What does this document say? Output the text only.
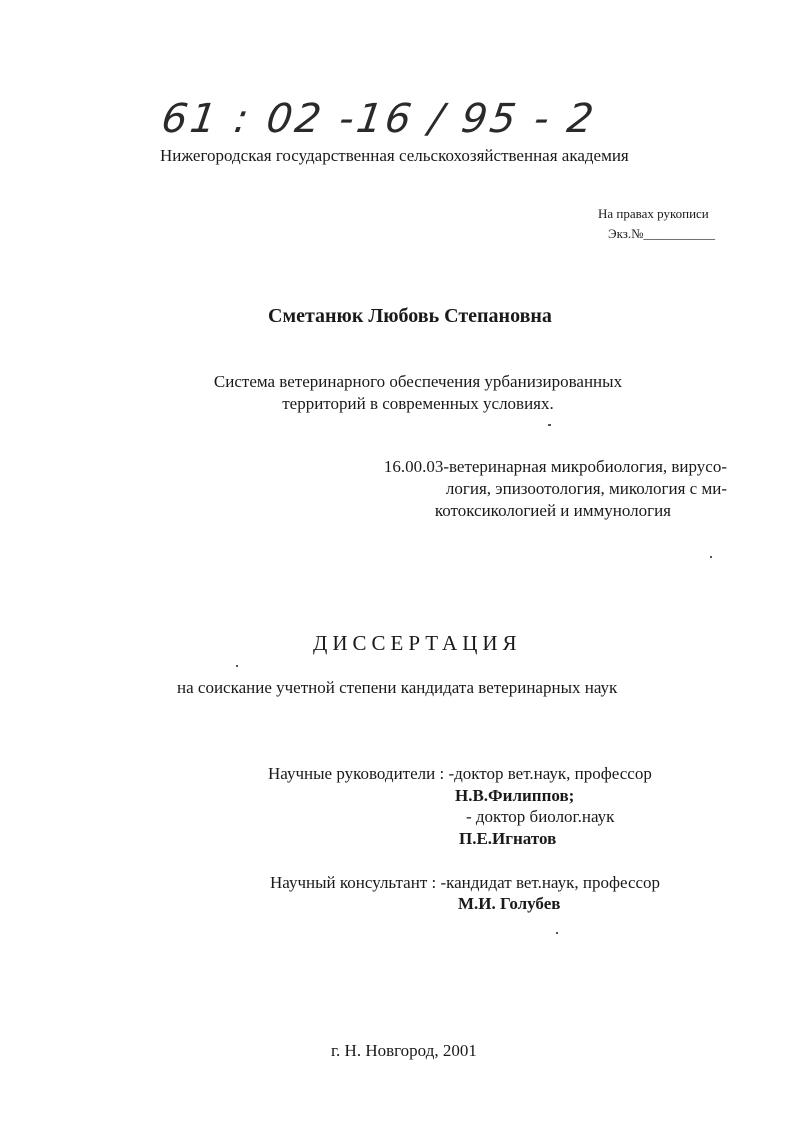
61 : 02 -16 / 95 - 2
Нижегородская государственная сельскохозяйственная академия
На правах рукописи
Экз.№___________
Сметанюк Любовь Степановна
Система ветеринарного обеспечения урбанизированных
территорий в современных условиях.
16.00.03-ветеринарная микробиология, вирусо-
логия, эпизоотология, микология с ми-
котоксикологией и иммунология
ДИССЕРТАЦИЯ
на соискание учетной степени кандидата ветеринарных наук
Научные руководители : -доктор вет.наук, профессор
Н.В.Филиппов;
- доктор биолог.наук
П.Е.Игнатов
Научный консультант : -кандидат вет.наук, профессор
М.И. Голубев
г. Н. Новгород, 2001
